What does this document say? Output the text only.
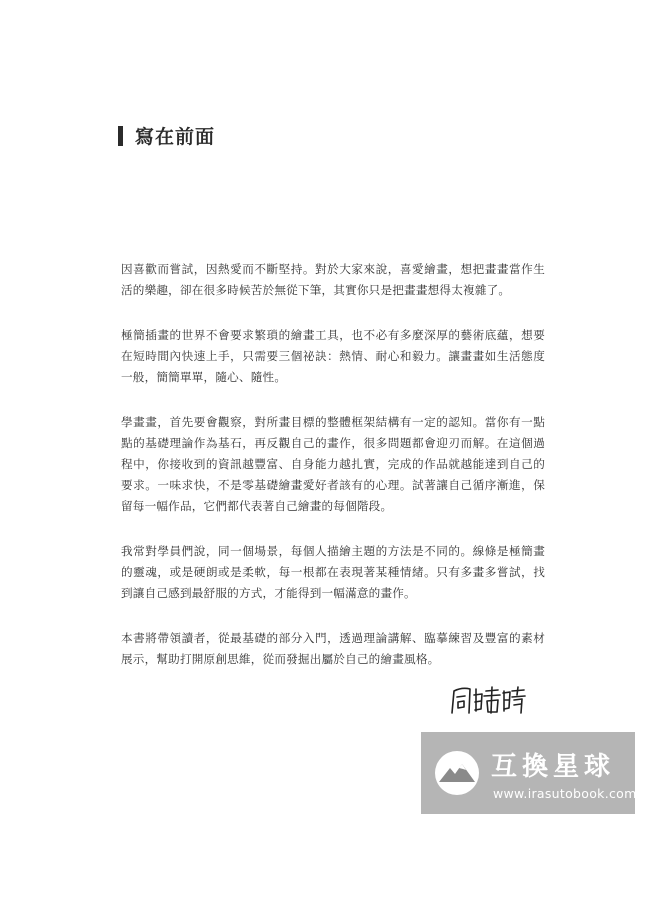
寫在前面

因喜歡而嘗試，因熱愛而不斷堅持。對於大家來說，喜愛繪畫，想把畫畫當作生活的樂趣，卻在很多時候苦於無從下筆，其實你只是把畫畫想得太複雜了。

極簡插畫的世界不會要求繁瑣的繪畫工具，也不必有多麼深厚的藝術底蘊，想要在短時間內快速上手，只需要三個祕訣：熱情、耐心和毅力。讓畫畫如生活態度一般，簡簡單單，隨心、隨性。

學畫畫，首先要會觀察，對所畫目標的整體框架結構有一定的認知。當你有一點點的基礎理論作為基石，再反觀自己的畫作，很多問題都會迎刃而解。在這個過程中，你接收到的資訊越豐富、自身能力越扎實，完成的作品就越能達到自己的要求。一味求快，不是零基礎繪畫愛好者該有的心理。試著讓自己循序漸進，保留每一幅作品，它們都代表著自己繪畫的每個階段。

我常對學員們說，同一個場景，每個人描繪主題的方法是不同的。線條是極簡畫的靈魂，或是硬朗或是柔軟，每一根都在表現著某種情緒。只有多畫多嘗試，找到讓自己感到最舒服的方式，才能得到一幅滿意的畫作。

本書將帶領讀者，從最基礎的部分入門，透過理論講解、臨摹練習及豐富的素材展示，幫助打開原創思維，從而發掘出屬於自己的繪畫風格。

互換星球
www.irasutobook.com
